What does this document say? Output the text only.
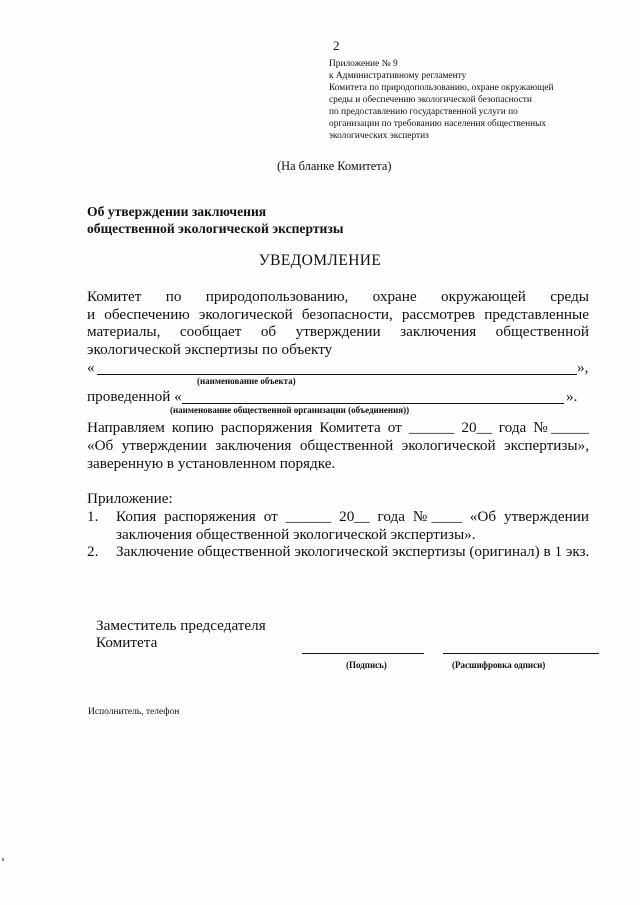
2
Приложение № 9
к Административному регламенту
Комитета по природопользованию, охране окружающей
среды и обеспечению экологической безопасности
по предоставлению государственной услуги по
организации по требованию населения общественных
экологических экспертиз
(На бланке Комитета)
Об утверждении заключения
общественной экологической экспертизы
УВЕДОМЛЕНИЕ
Комитет по природопользованию, охране окружающей среды
и обеспечению экологической безопасности, рассмотрев представленные
материалы, сообщает об утверждении заключения общественной
экологической экспертизы по объекту
«	»,
(наименование объекта)
проведенной «	».
(наименование общественной организации (объединения))
Направляем копию распоряжения Комитета от ______ 20__ года №_____
«Об утверждении заключения общественной экологической экспертизы»,
заверенную в установленном порядке.
Приложение:
1. Копия распоряжения от ______ 20__ года №____ «Об утверждении
заключения общественной экологической экспертизы».
2. Заключение общественной экологической экспертизы (оригинал) в 1 экз.
Заместитель председателя
Комитета
(Подпись)	(Расшифровка одписи)
Исполнитель, телефон
